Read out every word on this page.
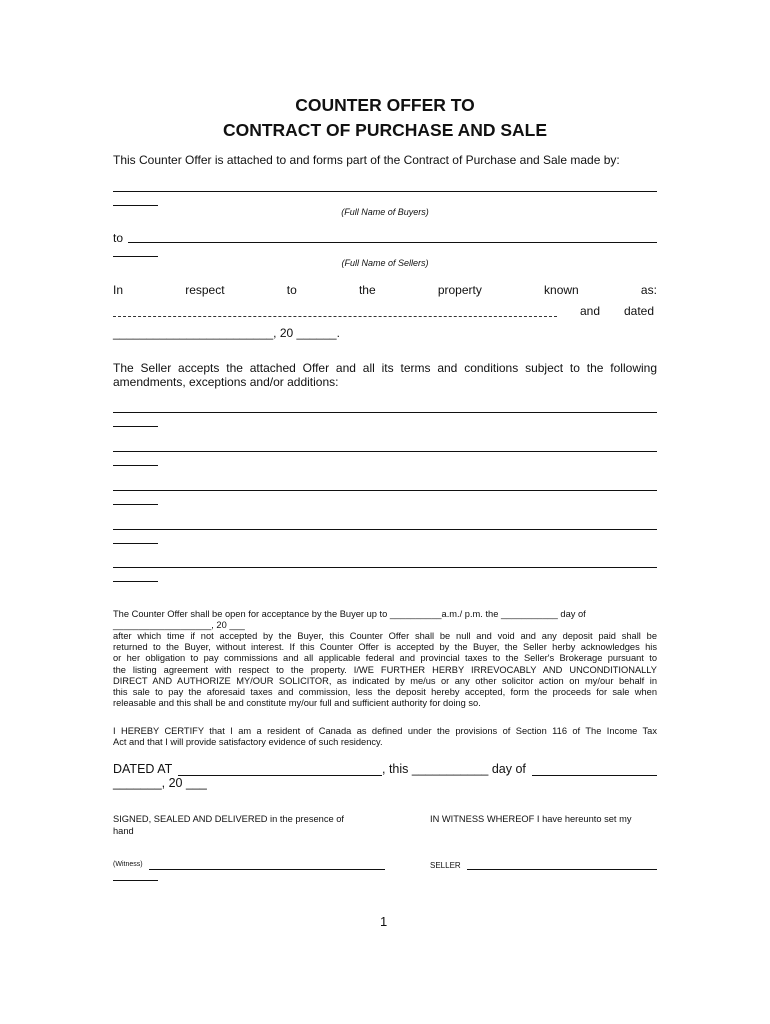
COUNTER OFFER TO
CONTRACT OF PURCHASE AND SALE
This Counter Offer is attached to and forms part of the Contract of Purchase and Sale made by:
(Full Name of Buyers)
to
(Full Name of Sellers)
In	respect	to	the	property	known	as:
and dated
________________________, 20 ______.
The Seller accepts the attached Offer and all its terms and conditions subject to the following
amendments, exceptions and/or additions:
The Counter Offer shall be open for acceptance by the Buyer up to __________a.m./ p.m. the ___________ day of
___________________, 20 ___
after which time if not accepted by the Buyer, this Counter Offer shall be null and void and any deposit paid shall be
returned to the Buyer, without interest. If this Counter Offer is accepted by the Buyer, the Seller herby acknowledges his
or her obligation to pay commissions and all applicable federal and provincial taxes to the Seller's Brokerage pursuant to
the listing agreement with respect to the property. I/WE FURTHER HERBY IRREVOCABLY AND UNCONDITIONALLY
DIRECT AND AUTHORIZE MY/OUR SOLICITOR, as indicated by me/us or any other solicitor action on my/our behalf in
this sale to pay the aforesaid taxes and commission, less the deposit hereby accepted, form the proceeds for sale when
releasable and this shall be and constitute my/our full and sufficient authority for doing so.
I HEREBY CERTIFY that I am a resident of Canada as defined under the provisions of Section 116 of The Income Tax
Act and that I will provide satisfactory evidence of such residency.
DATED AT	, this ___________ day of
_______, 20 ___
SIGNED, SEALED AND DELIVERED in the presence of
hand
IN WITNESS WHEREOF I have hereunto set my
(Witness)	SELLER
1
